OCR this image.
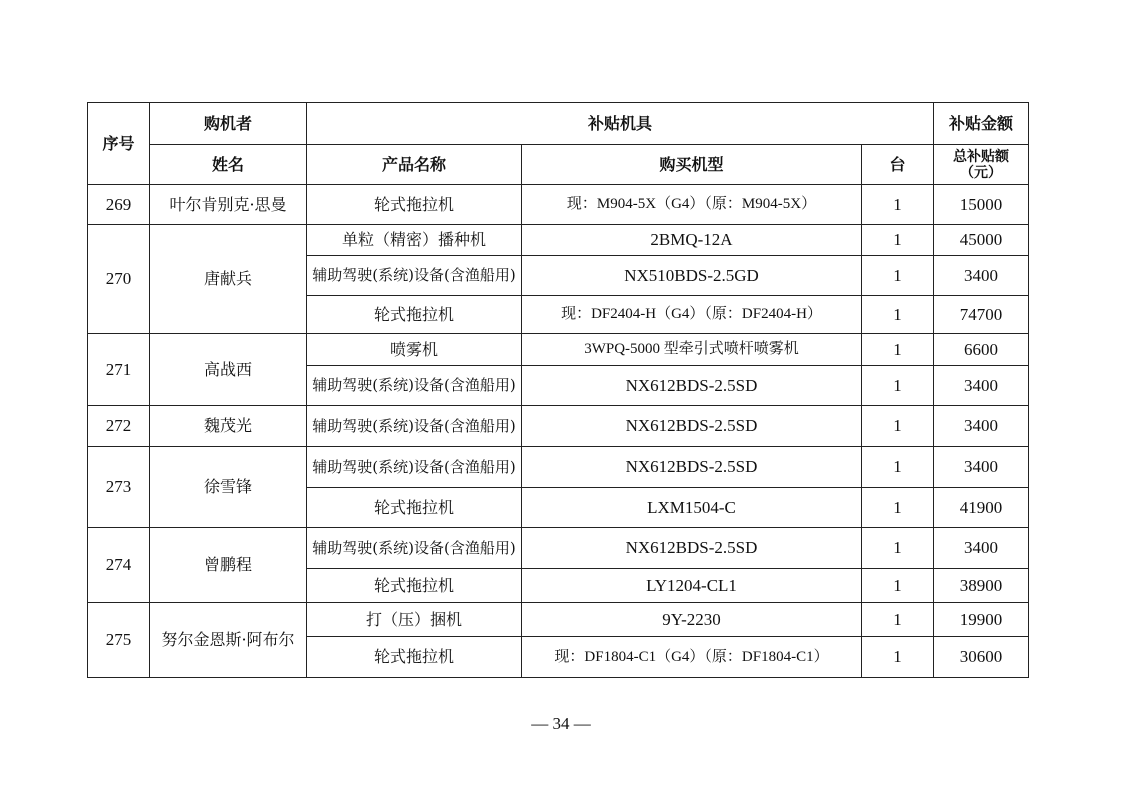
序号	购机者	补贴机具			补贴金额
	姓名	产品名称	购买机型	台	总补贴额（元）
269	叶尔肯别克·思曼	轮式拖拉机	现：M904-5X（G4）（原：M904-5X）	1	15000
270	唐献兵	单粒（精密）播种机	2BMQ-12A	1	45000
		辅助驾驶(系统)设备(含渔船用)	NX510BDS-2.5GD	1	3400
		轮式拖拉机	现：DF2404-H（G4）（原：DF2404-H）	1	74700
271	高战西	喷雾机	3WPQ-5000 型牵引式喷杆喷雾机	1	6600
		辅助驾驶(系统)设备(含渔船用)	NX612BDS-2.5SD	1	3400
272	魏茂光	辅助驾驶(系统)设备(含渔船用)	NX612BDS-2.5SD	1	3400
273	徐雪锋	辅助驾驶(系统)设备(含渔船用)	NX612BDS-2.5SD	1	3400
		轮式拖拉机	LXM1504-C	1	41900
274	曾鹏程	辅助驾驶(系统)设备(含渔船用)	NX612BDS-2.5SD	1	3400
		轮式拖拉机	LY1204-CL1	1	38900
275	努尔金恩斯·阿布尔	打（压）捆机	9Y-2230	1	19900
		轮式拖拉机	现：DF1804-C1（G4）（原：DF1804-C1）	1	30600
— 34 —
